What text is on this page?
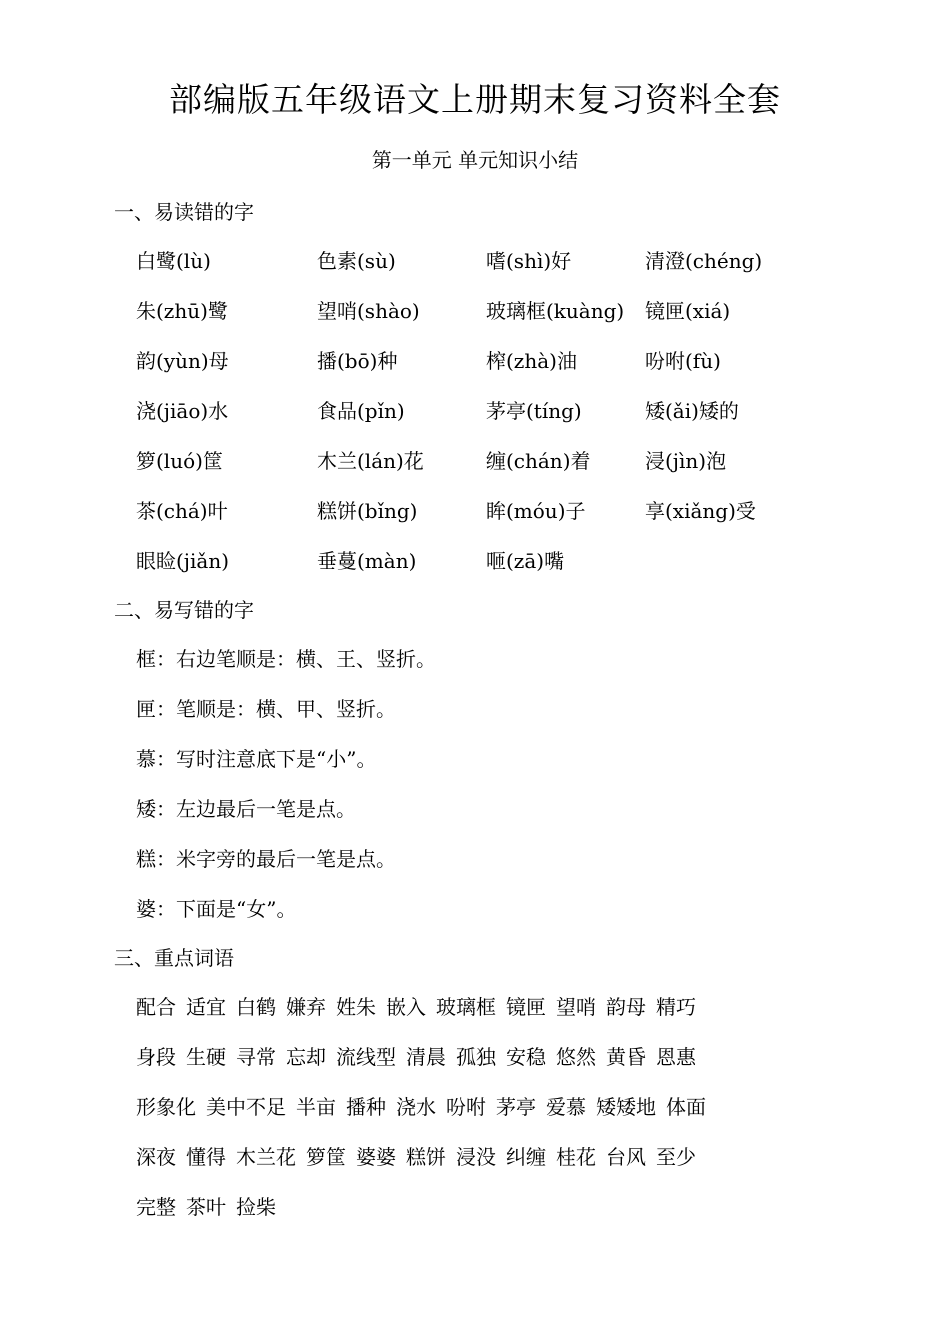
部编版五年级语文上册期末复习资料全套
第一单元 单元知识小结
一、易读错的字
白鹭(lù)	色素(sù)	嗜(shì)好	清澄(chéng)
朱(zhū)鹭	望哨(shào)	玻璃框(kuàng) 镜匣(xiá)
韵(yùn)母	播(bō)种	榨(zhà)油	吩咐(fù)
浇(jiāo)水	食品(pǐn)	茅亭(tíng)	矮(ǎi)矮的
箩(luó)筐	木兰(lán)花	缠(chán)着	浸(jìn)泡
茶(chá)叶	糕饼(bǐng)	眸(móu)子	享(xiǎng)受
眼睑(jiǎn)	垂蔓(màn)	咂(zā)嘴
二、易写错的字
框：右边笔顺是：横、王、竖折。
匣：笔顺是：横、甲、竖折。
慕：写时注意底下是“小”。
矮：左边最后一笔是点。
糕：米字旁的最后一笔是点。
婆：下面是“女”。
三、重点词语
配合 适宜 白鹤 嫌弃 姓朱 嵌入 玻璃框 镜匣 望哨 韵母 精巧
身段 生硬 寻常 忘却 流线型 清晨 孤独 安稳 悠然 黄昏 恩惠
形象化 美中不足 半亩 播种 浇水 吩咐 茅亭 爱慕 矮矮地 体面
深夜 懂得 木兰花 箩筐 婆婆 糕饼 浸没 纠缠 桂花 台风 至少
完整 茶叶 捡柴
